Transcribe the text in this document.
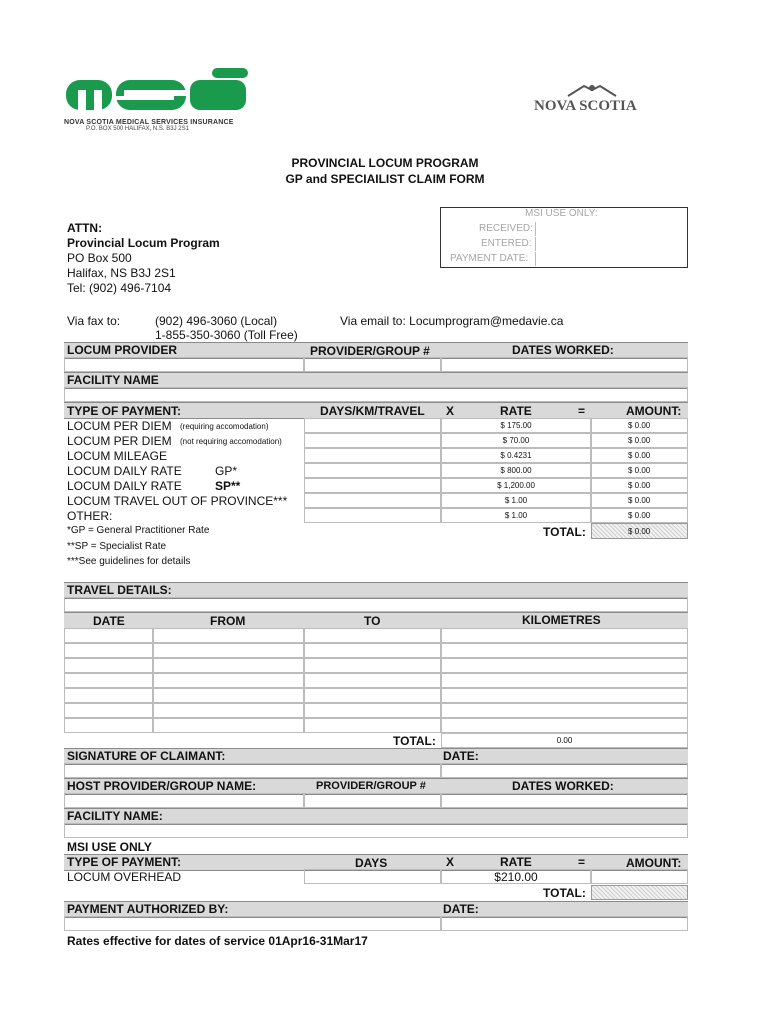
NOVA SCOTIA MEDICAL SERVICES INSURANCE
P.O. BOX 500 HALIFAX, N.S. B3J 2S1
NOVA SCOTIA
PROVINCIAL LOCUM PROGRAM
GP and SPECIAILIST CLAIM FORM
MSI USE ONLY:
RECEIVED:
ENTERED:
PAYMENT DATE:
ATTN:
Provincial Locum Program
PO Box 500
Halifax, NS B3J 2S1
Tel: (902) 496-7104
Via fax to:	(902) 496-3060 (Local)
1-855-350-3060 (Toll Free)
Via email to: Locumprogram@medavie.ca
LOCUM PROVIDER	PROVIDER/GROUP #	DATES WORKED:
FACILITY NAME
TYPE OF PAYMENT:	DAYS/KM/TRAVEL X	RATE	=	AMOUNT:
LOCUM PER DIEM (requiring accomodation)	$ 175.00	$ 0.00
LOCUM PER DIEM (not requiring accomodation)	$ 70.00	$ 0.00
LOCUM MILEAGE	$ 0.4231	$ 0.00
LOCUM DAILY RATE	GP*	$ 800.00	$ 0.00
LOCUM DAILY RATE	SP**	$ 1,200.00	$ 0.00
LOCUM TRAVEL OUT OF PROVINCE***	$ 1.00	$ 0.00
OTHER:	$ 1.00	$ 0.00
*GP = General Practitioner Rate
**SP = Specialist Rate
***See guidelines for details
TOTAL:	$ 0.00
TRAVEL DETAILS:
DATE	FROM	TO	KILOMETRES
TOTAL:	0.00
SIGNATURE OF CLAIMANT:	DATE:
HOST PROVIDER/GROUP NAME:	PROVIDER/GROUP #	DATES WORKED:
FACILITY NAME:
MSI USE ONLY
TYPE OF PAYMENT:	DAYS	X	RATE	=	AMOUNT:
LOCUM OVERHEAD	$210.00
TOTAL:
PAYMENT AUTHORIZED BY:	DATE:
Rates effective for dates of service 01Apr16-31Mar17
